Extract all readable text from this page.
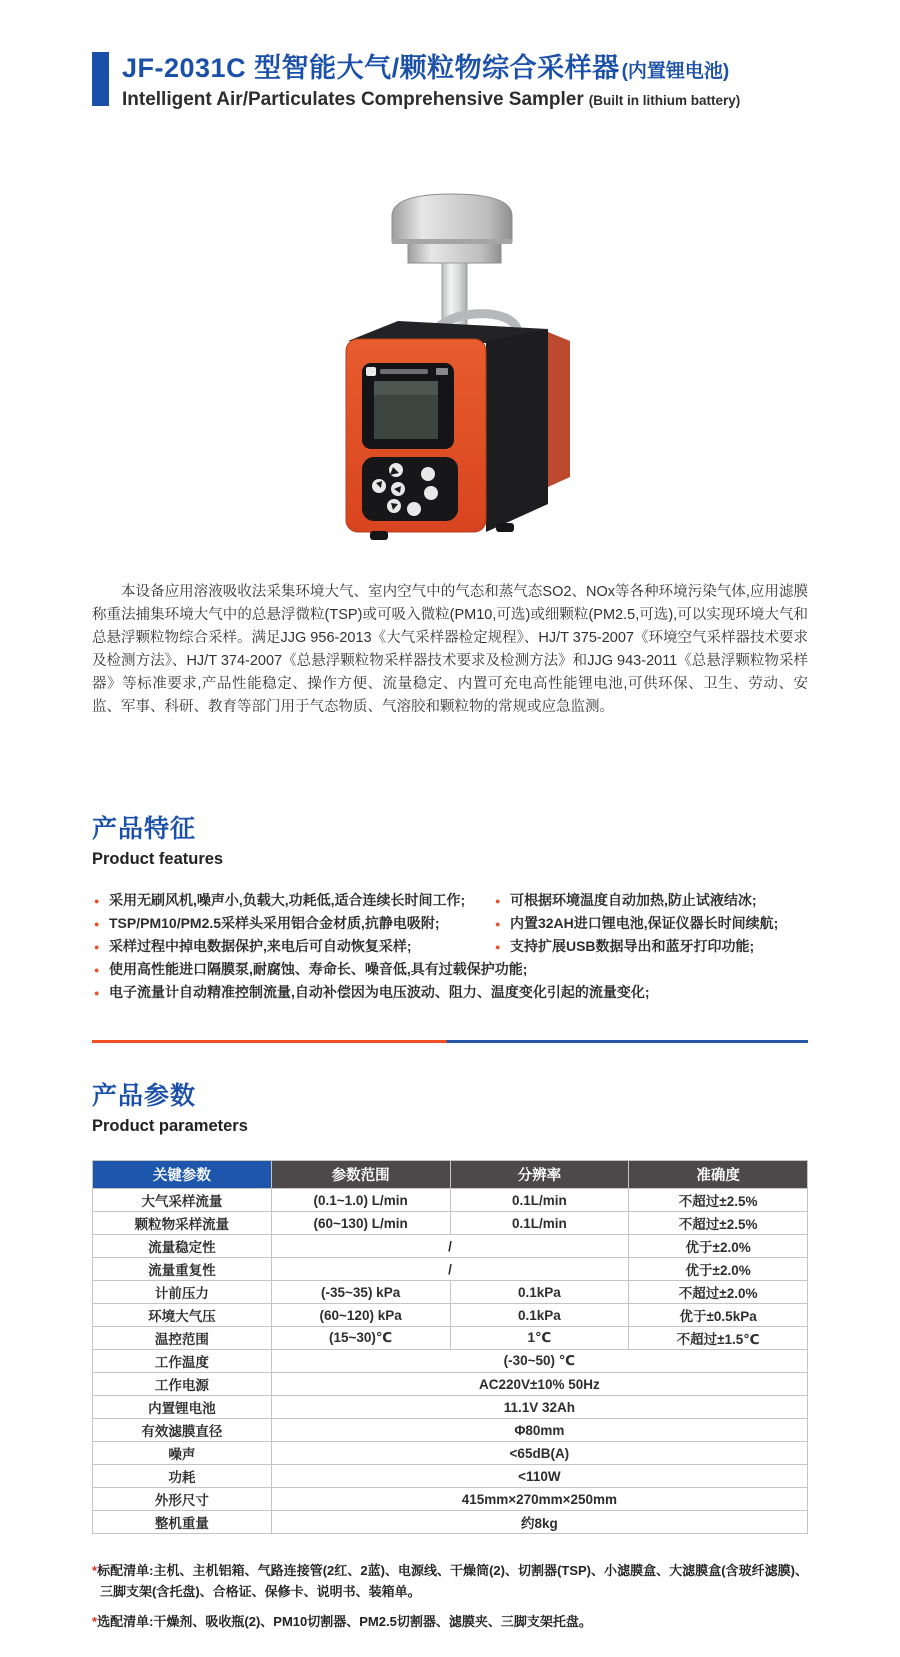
JF-2031C 型智能大气/颗粒物综合采样器 (内置锂电池)
Intelligent Air/Particulates Comprehensive Sampler (Built in lithium battery)

本设备应用溶液吸收法采集环境大气、室内空气中的气态和蒸气态SO2、NOx等各种环境污染气体,应用滤膜称重法捕集环境大气中的总悬浮微粒(TSP)或可吸入微粒(PM10,可选)或细颗粒(PM2.5,可选),可以实现环境大气和总悬浮颗粒物综合采样。满足JJG 956-2013《大气采样器检定规程》、HJ/T 375-2007《环境空气采样器技术要求及检测方法》、HJ/T 374-2007《总悬浮颗粒物采样器技术要求及检测方法》和JJG 943-2011《总悬浮颗粒物采样器》等标准要求,产品性能稳定、操作方便、流量稳定、内置可充电高性能锂电池,可供环保、卫生、劳动、安监、军事、科研、教育等部门用于气态物质、气溶胶和颗粒物的常规或应急监测。

产品特征
Product features
● 采用无刷风机,噪声小,负载大,功耗低,适合连续长时间工作;
● TSP/PM10/PM2.5采样头采用铝合金材质,抗静电吸附;
● 采样过程中掉电数据保护,来电后可自动恢复采样;
● 可根据环境温度自动加热,防止试液结冰;
● 内置32AH进口锂电池,保证仪器长时间续航;
● 支持扩展USB数据导出和蓝牙打印功能;
● 使用高性能进口隔膜泵,耐腐蚀、寿命长、噪音低,具有过载保护功能;
● 电子流量计自动精准控制流量,自动补偿因为电压波动、阻力、温度变化引起的流量变化;
产品参数
Product parameters
关键参数	参数范围	分辨率	准确度
大气采样流量	(0.1~1.0) L/min	0.1L/min	不超过±2.5%
颗粒物采样流量	(60~130) L/min	0.1L/min	不超过±2.5%
流量稳定性	/		优于±2.0%
流量重复性	/		优于±2.0%
计前压力	(-35~35) kPa	0.1kPa	不超过±2.0%
环境大气压	(60~120) kPa	0.1kPa	优于±0.5kPa
温控范围	(15~30)℃	1℃	不超过±1.5℃
工作温度	(-30~50) ℃		
工作电源	AC220V±10% 50Hz		
内置锂电池	11.1V 32Ah		
有效滤膜直径	Φ80mm		
噪声	<65dB(A)		
功耗	<110W		
外形尺寸	415mm×270mm×250mm		
整机重量	约8kg		

*标配清单:主机、主机铝箱、气路连接管(2红、2蓝)、电源线、干燥筒(2)、切割器(TSP)、小滤膜盒、大滤膜盒(含玻纤滤膜)、三脚支架(含托盘)、合格证、保修卡、说明书、装箱单。

*选配清单:干燥剂、吸收瓶(2)、PM10切割器、PM2.5切割器、滤膜夹、三脚支架托盘。
